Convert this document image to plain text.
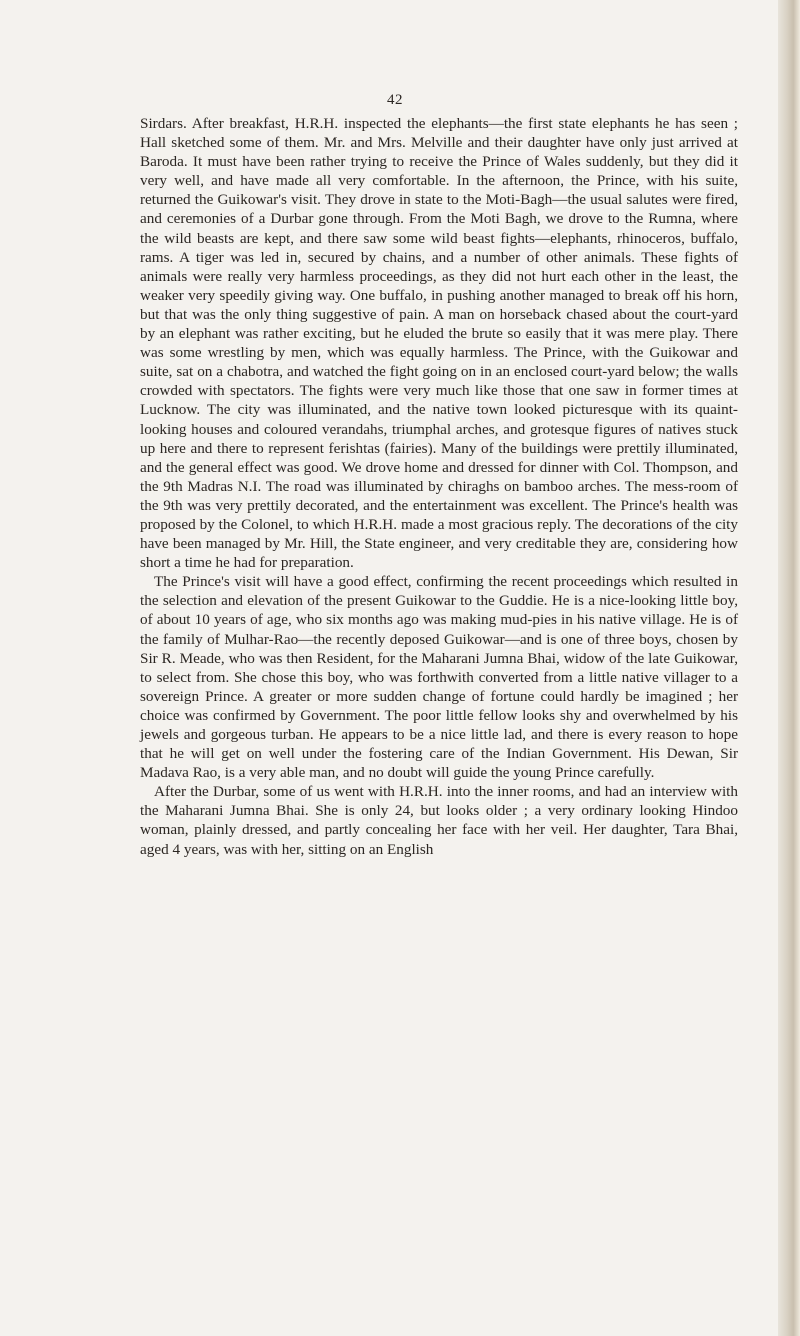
42

Sirdars. After breakfast, H.R.H. inspected the elephants—the first state elephants he has seen ; Hall sketched some of them. Mr. and Mrs. Melville and their daughter have only just arrived at Baroda. It must have been rather trying to receive the Prince of Wales suddenly, but they did it very well, and have made all very comfortable. In the afternoon, the Prince, with his suite, returned the Guikowar's visit. They drove in state to the Moti-Bagh—the usual salutes were fired, and ceremonies of a Durbar gone through. From the Moti Bagh, we drove to the Rumna, where the wild beasts are kept, and there saw some wild beast fights—elephants, rhinoceros, buffalo, rams. A tiger was led in, secured by chains, and a number of other animals. These fights of animals were really very harmless proceedings, as they did not hurt each other in the least, the weaker very speedily giving way. One buffalo, in pushing another managed to break off his horn, but that was the only thing suggestive of pain. A man on horseback chased about the court-yard by an elephant was rather exciting, but he eluded the brute so easily that it was mere play. There was some wrestling by men, which was equally harmless. The Prince, with the Guikowar and suite, sat on a chabotra, and watched the fight going on in an enclosed court-yard below; the walls crowded with spectators. The fights were very much like those that one saw in former times at Lucknow. The city was illuminated, and the native town looked picturesque with its quaint-looking houses and coloured verandahs, triumphal arches, and grotesque figures of natives stuck up here and there to represent ferishtas (fairies). Many of the buildings were prettily illuminated, and the general effect was good. We drove home and dressed for dinner with Col. Thompson, and the 9th Madras N.I. The road was illuminated by chiraghs on bamboo arches. The mess-room of the 9th was very prettily decorated, and the entertainment was excellent. The Prince's health was proposed by the Colonel, to which H.R.H. made a most gracious reply. The decorations of the city have been managed by Mr. Hill, the State engineer, and very creditable they are, considering how short a time he had for preparation.

The Prince's visit will have a good effect, confirming the recent proceedings which resulted in the selection and elevation of the present Guikowar to the Guddie. He is a nice-looking little boy, of about 10 years of age, who six months ago was making mud-pies in his native village. He is of the family of Mulhar-Rao—the recently deposed Guikowar—and is one of three boys, chosen by Sir R. Meade, who was then Resident, for the Maharani Jumna Bhai, widow of the late Guikowar, to select from. She chose this boy, who was forthwith converted from a little native villager to a sovereign Prince. A greater or more sudden change of fortune could hardly be imagined ; her choice was confirmed by Government. The poor little fellow looks shy and overwhelmed by his jewels and gorgeous turban. He appears to be a nice little lad, and there is every reason to hope that he will get on well under the fostering care of the Indian Government. His Dewan, Sir Madava Rao, is a very able man, and no doubt will guide the young Prince carefully.

After the Durbar, some of us went with H.R.H. into the inner rooms, and had an interview with the Maharani Jumna Bhai. She is only 24, but looks older ; a very ordinary looking Hindoo woman, plainly dressed, and partly concealing her face with her veil. Her daughter, Tara Bhai, aged 4 years, was with her, sitting on an English
